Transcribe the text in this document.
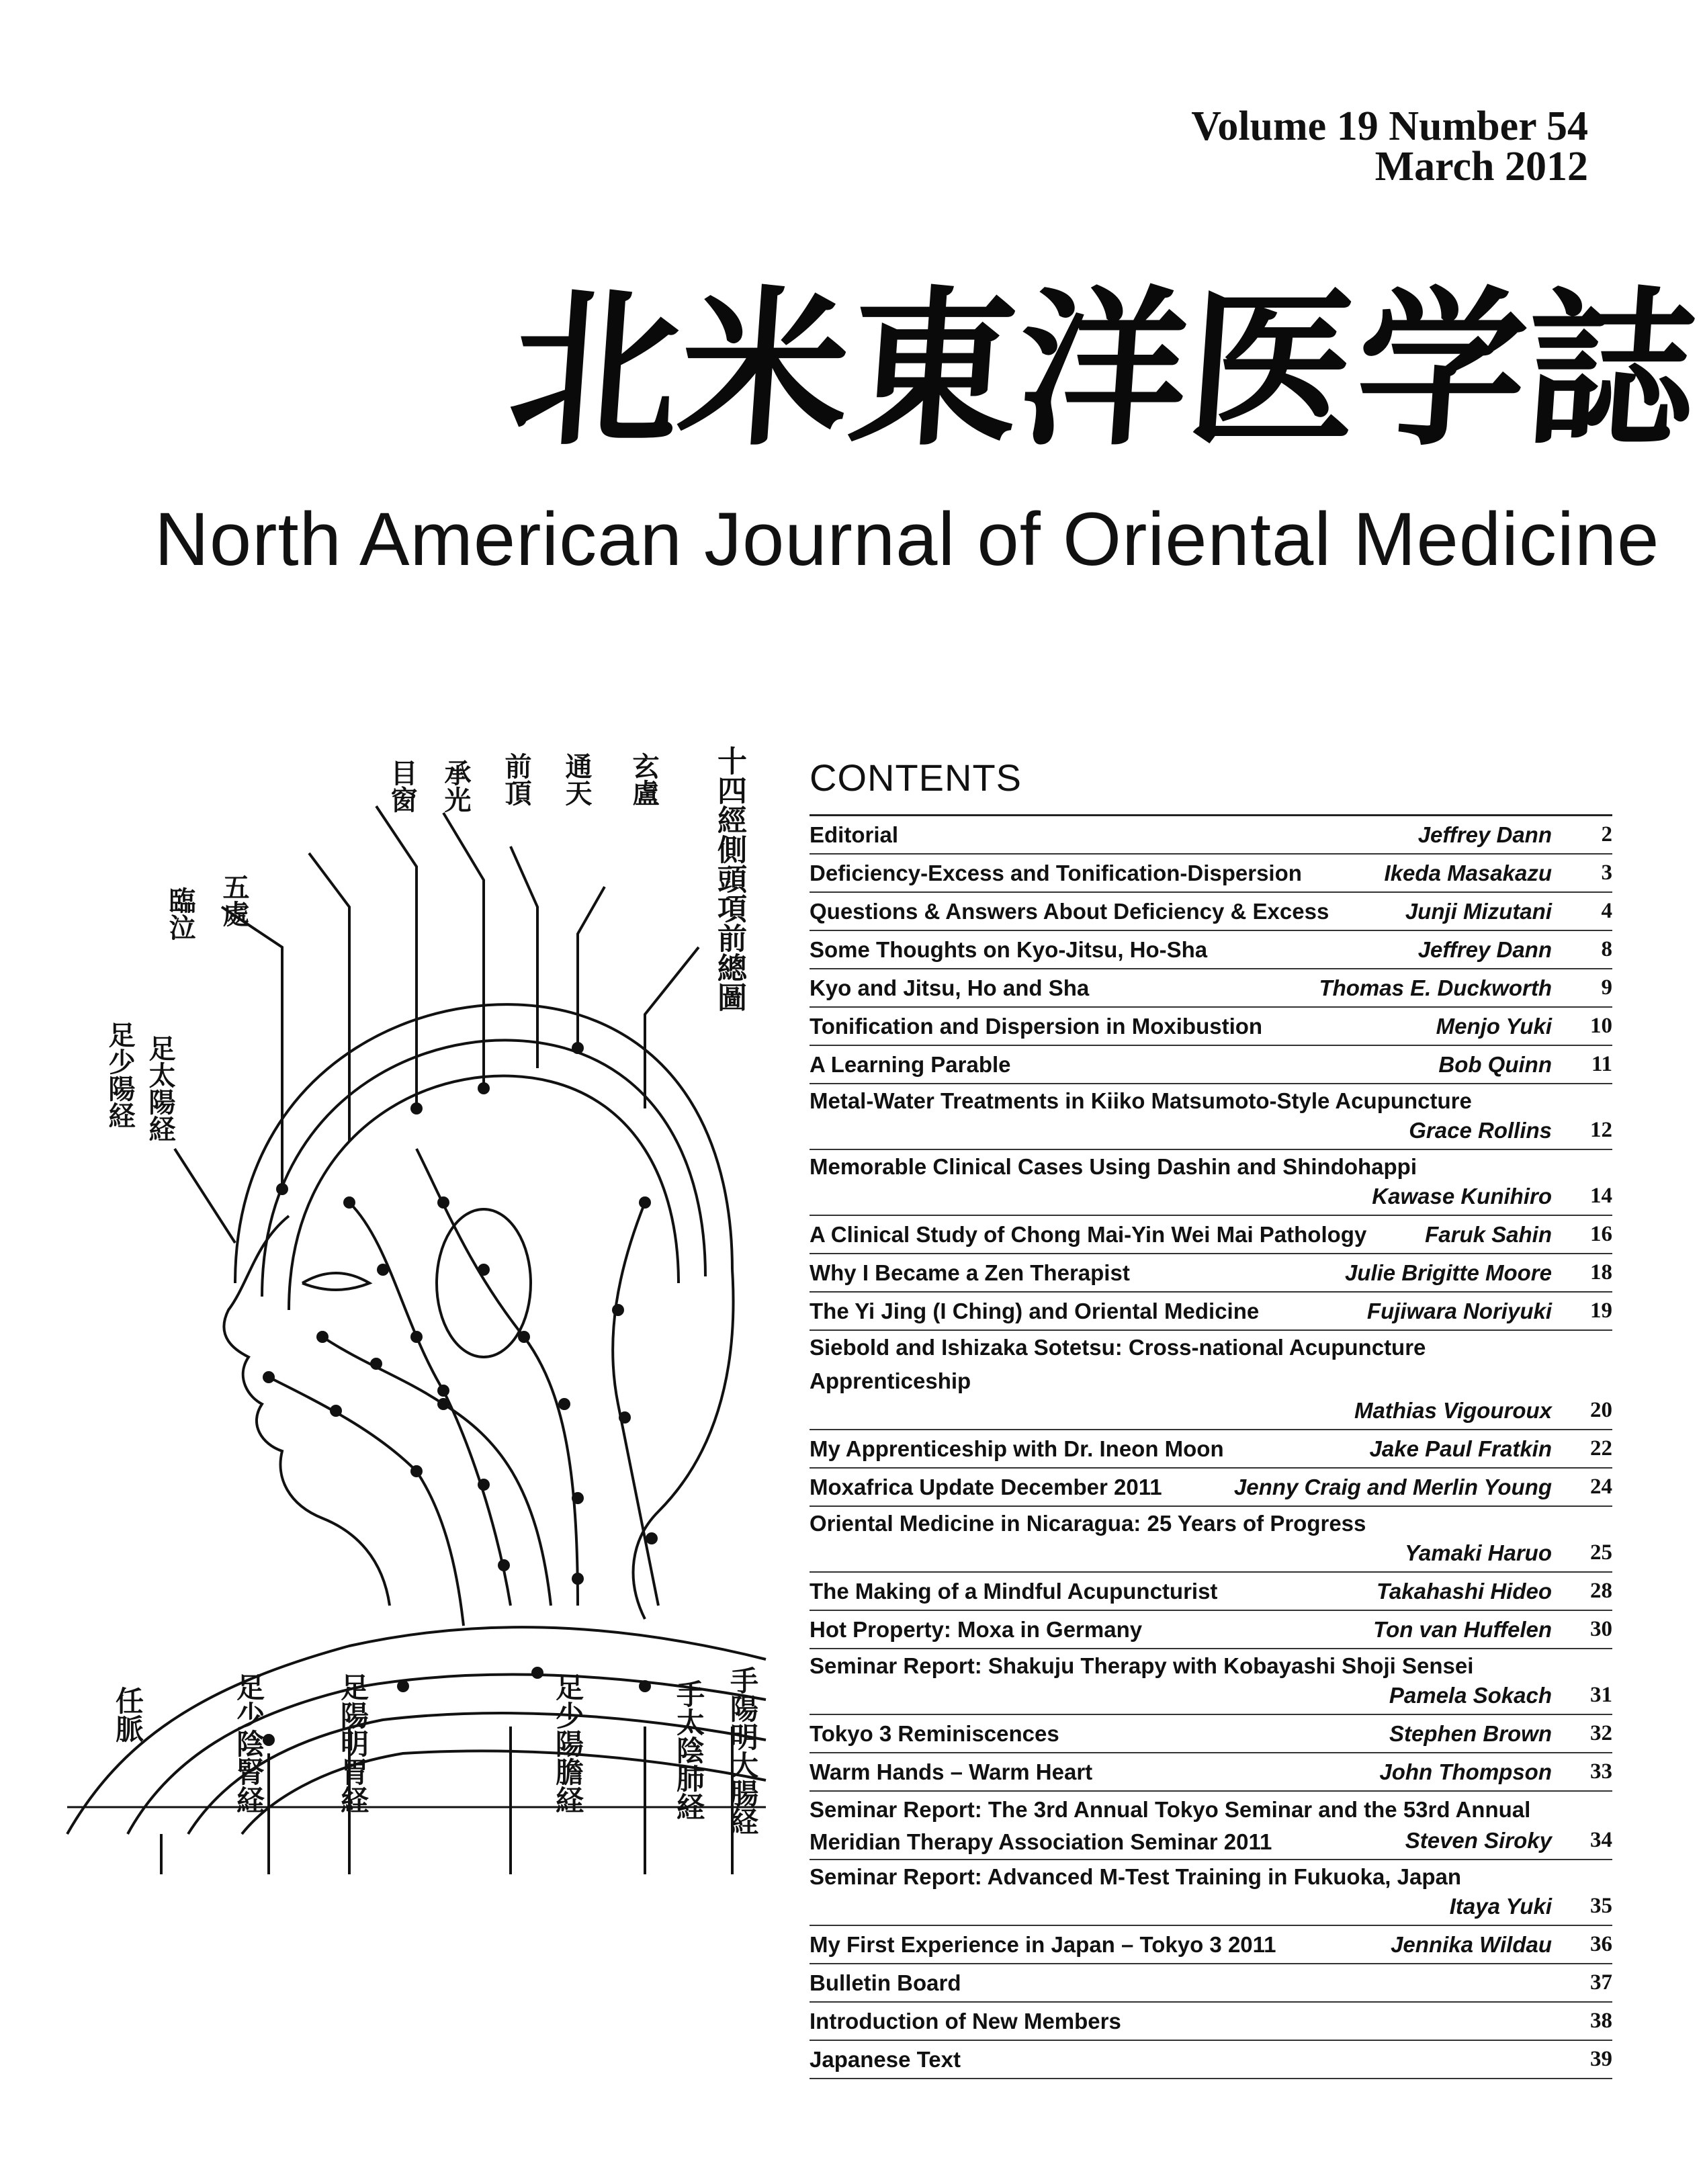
Volume 19 Number 54
March 2012
北
米
東
洋
医
学
誌
North American Journal of Oriental Medicine
十四經側頭項前總圖
玄盧
通天
前頂
承光
目窗
五處
臨泣
足少陽経 足太陽経
任脈	足少陰腎経	足陽明胃経	足少陽膽経	手太陰肺経 手陽明大腸経
CONTENTS
Editorial	Jeffrey Dann	2
Deficiency-Excess and Tonification-Dispersion	Ikeda Masakazu	3
Questions & Answers About Deficiency & Excess	Junji Mizutani	4
Some Thoughts on Kyo-Jitsu, Ho-Sha	Jeffrey Dann	8
Kyo and Jitsu, Ho and Sha	Thomas E. Duckworth	9
Tonification and Dispersion in Moxibustion	Menjo Yuki	10
A Learning Parable	Bob Quinn	11
Metal-Water Treatments in Kiiko Matsumoto-Style Acupuncture
Grace Rollins	12
Memorable Clinical Cases Using Dashin and Shindohappi
Kawase Kunihiro	14
A Clinical Study of Chong Mai-Yin Wei Mai Pathology	Faruk Sahin	16
Why I Became a Zen Therapist	Julie Brigitte Moore	18
The Yi Jing (I Ching) and Oriental Medicine	Fujiwara Noriyuki	19
Siebold and Ishizaka Sotetsu: Cross-national Acupuncture Apprenticeship
Mathias Vigouroux	20
My Apprenticeship with Dr. Ineon Moon	Jake Paul Fratkin	22
Moxafrica Update December 2011	Jenny Craig and Merlin Young	24
Oriental Medicine in Nicaragua: 25 Years of Progress
Yamaki Haruo	25
The Making of a Mindful Acupuncturist	Takahashi Hideo	28
Hot Property: Moxa in Germany	Ton van Huffelen	30
Seminar Report: Shakuju Therapy with Kobayashi Shoji Sensei
Pamela Sokach	31
Tokyo 3 Reminiscences	Stephen Brown	32
Warm Hands – Warm Heart	John Thompson	33
Seminar Report: The 3rd Annual Tokyo Seminar and the 53rd Annual
Meridian Therapy Association Seminar 2011	Steven Siroky	34
Seminar Report: Advanced M-Test Training in Fukuoka, Japan
Itaya Yuki	35
My First Experience in Japan – Tokyo 3 2011	Jennika Wildau	36
Bulletin Board	37
Introduction of New Members	38
Japanese Text	39
